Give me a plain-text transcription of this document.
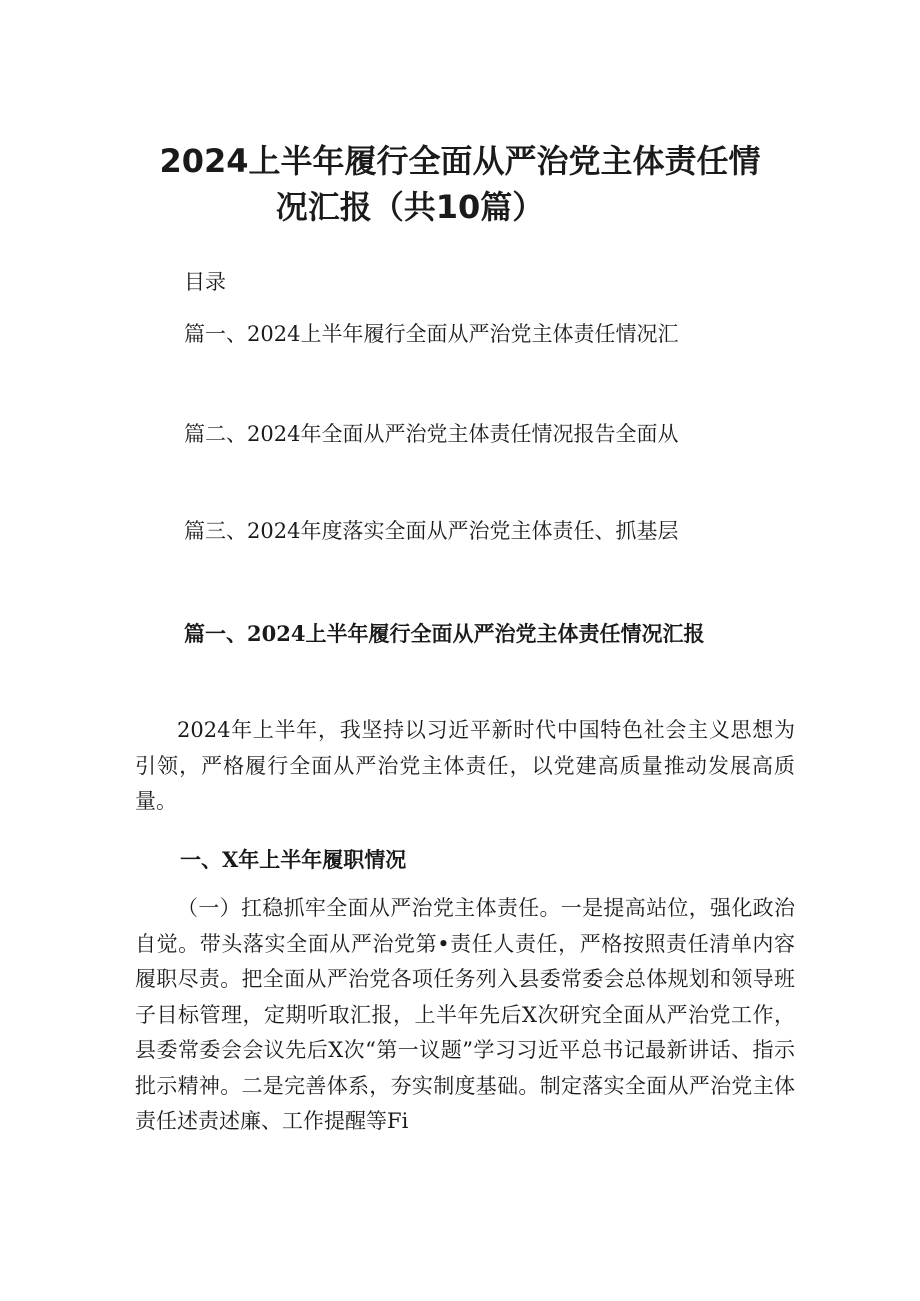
2024上半年履行全面从严治党主体责任情
况汇报（共10篇）
目录
篇一、2024上半年履行全面从严治党主体责任情况汇
篇二、2024年全面从严治党主体责任情况报告全面从
篇三、2024年度落实全面从严治党主体责任、抓基层
篇一、2024上半年履行全面从严治党主体责任情况汇报

2024年上半年，我坚持以习近平新时代中国特色社会主义思想为引领，严格履行全面从严治党主体责任，以党建高质量推动发展高质量。

一、X年上半年履职情况

（一）扛稳抓牢全面从严治党主体责任。一是提高站位，强化政治自觉。带头落实全面从严治党第•责任人责任，严格按照责任清单内容履职尽责。把全面从严治党各项任务列入县委常委会总体规划和领导班子目标管理，定期听取汇报，上半年先后X次研究全面从严治党工作，县委常委会会议先后X次“第一议题”学习习近平总书记最新讲话、指示批示精神。二是完善体系，夯实制度基础。制定落实全面从严治党主体责任述责述廉、工作提醒等Fi
